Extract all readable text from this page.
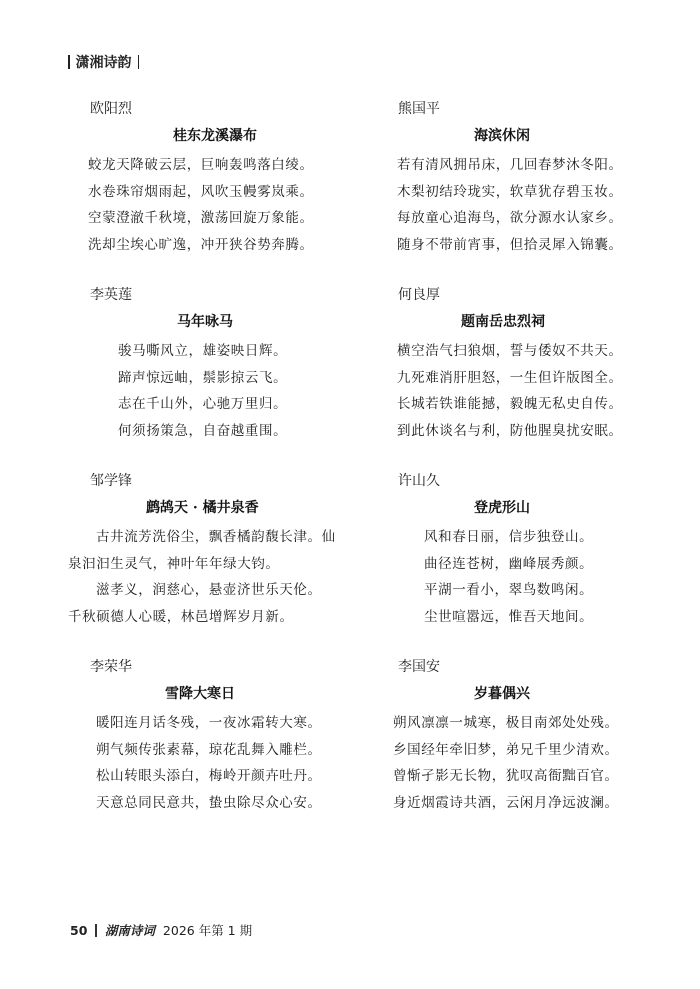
潇湘诗韵
欧阳烈
桂东龙溪瀑布
蛟龙天降破云层，巨响轰鸣落白绫。
水卷珠帘烟雨起，风吹玉幔雾岚乘。
空蒙澄澈千秋境，激荡回旋万象能。
洗却尘埃心旷逸，冲开狭谷势奔腾。
李英莲
马年咏马
骏马嘶风立，雄姿映日辉。
蹄声惊远岫，鬃影掠云飞。
志在千山外，心驰万里归。
何须扬策急，自奋越重围。
邹学锋
鹧鸪天 · 橘井泉香
古井流芳洗俗尘，飘香橘韵馥长津。仙
泉汩汩生灵气，神叶年年绿大钧。
滋孝义，润慈心，悬壶济世乐天伦。
千秋硕德人心暖，林邑增辉岁月新。
李荣华
雪降大寒日
暖阳连月话冬残，一夜冰霜转大寒。
朔气频传张素幕，琼花乱舞入雕栏。
松山转眼头添白，梅岭开颜卉吐丹。
天意总同民意共，蛰虫除尽众心安。
熊国平
海滨休闲
若有清风拥吊床，几回春梦沐冬阳。
木梨初结玲珑实，软草犹存碧玉妆。
每放童心追海鸟，欲分源水认家乡。
随身不带前宵事，但拾灵犀入锦囊。
何良厚
题南岳忠烈祠
横空浩气扫狼烟，誓与倭奴不共天。
九死难消肝胆怒，一生但许版图全。
长城若铁谁能撼，毅魄无私史自传。
到此休谈名与利，防他腥臭扰安眠。
许山久
登虎形山
风和春日丽，信步独登山。
曲径连苍树，幽峰展秀颜。
平湖一看小，翠鸟数鸣闲。
尘世喧嚣远，惟吾天地间。
李国安
岁暮偶兴
朔风凛凛一城寒，极目南郊处处残。
乡国经年牵旧梦，弟兄千里少清欢。
曾惭孑影无长物，犹叹高衙黜百官。
身近烟霞诗共酒，云闲月净远波澜。
50 湖南诗词 2026 年第 1 期
